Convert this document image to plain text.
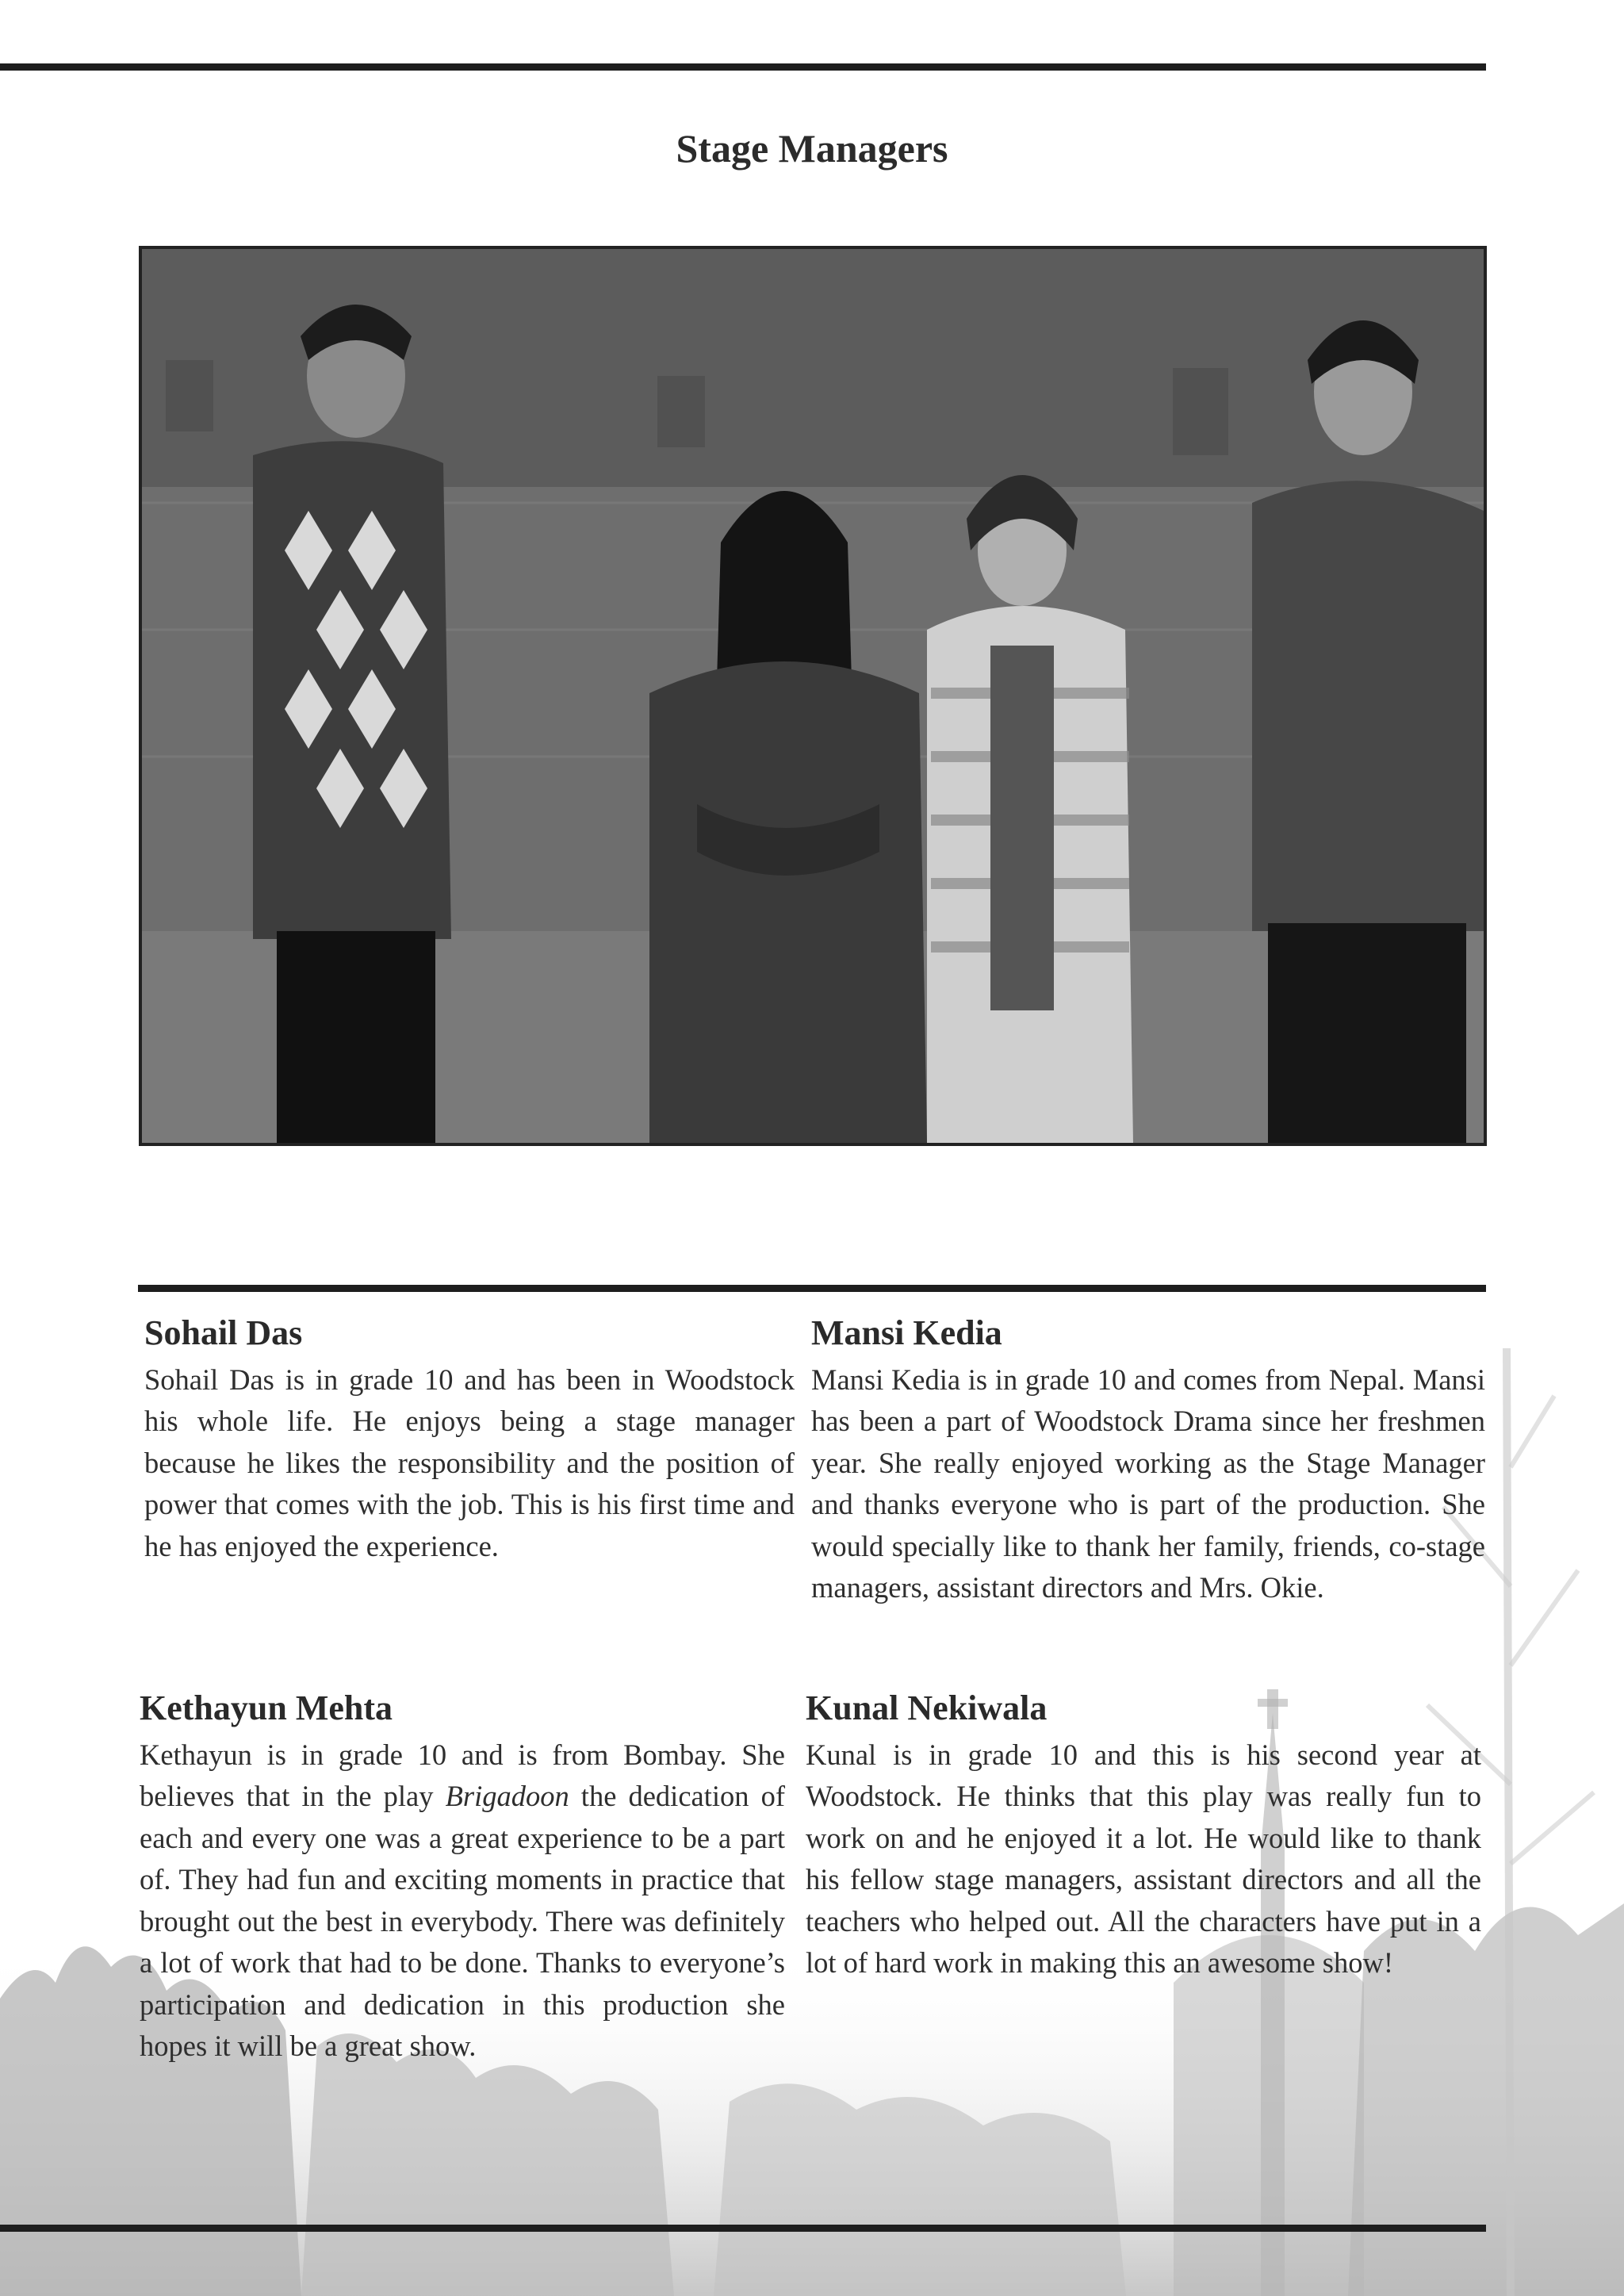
Stage Managers
Sohail Das

Sohail Das is in grade 10 and has been in Woodstock his whole life. He enjoys being a stage manager because he likes the responsibility and the position of power that comes with the job. This is his first time and he has enjoyed the experience.

Mansi Kedia

Mansi Kedia is in grade 10 and comes from Nepal. Mansi has been a part of Woodstock Drama since her freshmen year. She really enjoyed working as the Stage Manager and thanks everyone who is part of the production. She would specially like to thank her family, friends, co-stage managers, assistant directors and Mrs. Okie.

Kethayun Mehta

Kethayun is in grade 10 and is from Bombay. She believes that in the play Brigadoon the dedication of each and every one was a great experience to be a part of. They had fun and exciting moments in practice that brought out the best in everybody. There was definitely a lot of work that had to be done. Thanks to everyone’s participation and dedication in this production she hopes it will be a great show.

Kunal Nekiwala

Kunal is in grade 10 and this is his second year at Woodstock. He thinks that this play was really fun to work on and he enjoyed it a lot. He would like to thank his fellow stage managers, assistant directors and all the teachers who helped out. All the characters have put in a lot of hard work in making this an awesome show!
